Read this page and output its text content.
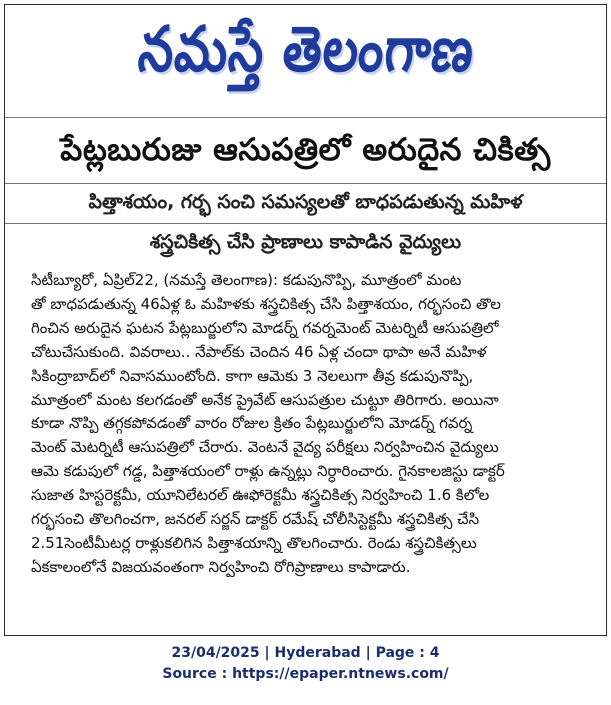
నమస్తే తెలంగాణ
పేట్లబురుజు ఆసుపత్రిలో అరుదైన చికిత్స
పిత్తాశయం, గర్భ సంచి సమస్యలతో బాధపడుతున్న మహిళ
శస్త్రచికిత్స చేసి ప్రాణాలు కాపాడిన వైద్యులు
సిటీబ్యూరో, ఏప్రిల్22, (నమస్తే తెలంగాణ): కడుపునొప్పి, మూత్రంలో మంట
తో బాధపడుతున్న 46ఏళ్ల ఓ మహిళకు శస్త్రచికిత్స చేసి పిత్తాశయం, గర్భసంచి తొల
గించిన అరుదైన ఘటన పేట్లబుర్జులోని మోడర్న్ గవర్నమెంట్ మెటర్నిటీ ఆసుపత్రిలో
చోటుచేసుకుంది. వివరాలు.. నేపాల్‌కు చెందిన 46 ఏళ్ల చందా థాపా అనే మహిళ
సికింద్రాబాద్‌లో నివాసముంటోంది. కాగా ఆమెకు 3 నెలలుగా తీవ్ర కడుపునొప్పి,
మూత్రంలో మంట కలగడంతో అనేక ప్రైవేట్ ఆసుపత్రుల చుట్టూ తిరిగారు. అయినా
కూడా నొప్పి తగ్గకపోవడంతో వారం రోజుల క్రితం పేట్లబుర్జులోని మోడర్న్ గవర్న
మెంట్ మెటర్నిటీ ఆసుపత్రిలో చేరారు. వెంటనే వైద్య పరీక్షలు నిర్వహించిన వైద్యులు
ఆమె కడుపులో గడ్డ, పిత్తాశయంలో రాళ్లు ఉన్నట్లు నిర్ధారించారు. గైనకాలజిస్టు డాక్టర్
సుజాత హిస్టరెక్టమీ, యూనిలేటరల్ ఊఫోరెక్టమీ శస్త్రచికిత్స నిర్వహించి 1.6 కిలోల
గర్భసంచి తొలగించగా, జనరల్ సర్జన్ డాక్టర్ రమేష్ చోలీసిస్టెక్టమీ శస్త్రచికిత్స చేసి
2.51సెంటీమీటర్ల రాళ్లుకలిగిన పిత్తాశయాన్ని తొలగించారు. రెండు శస్త్రచికిత్సలు
ఏకకాలంలోనే విజయవంతంగా నిర్వహించి రోగిప్రాణాలు కాపాడారు.
23/04/2025 | Hyderabad | Page : 4
Source : https://epaper.ntnews.com/
